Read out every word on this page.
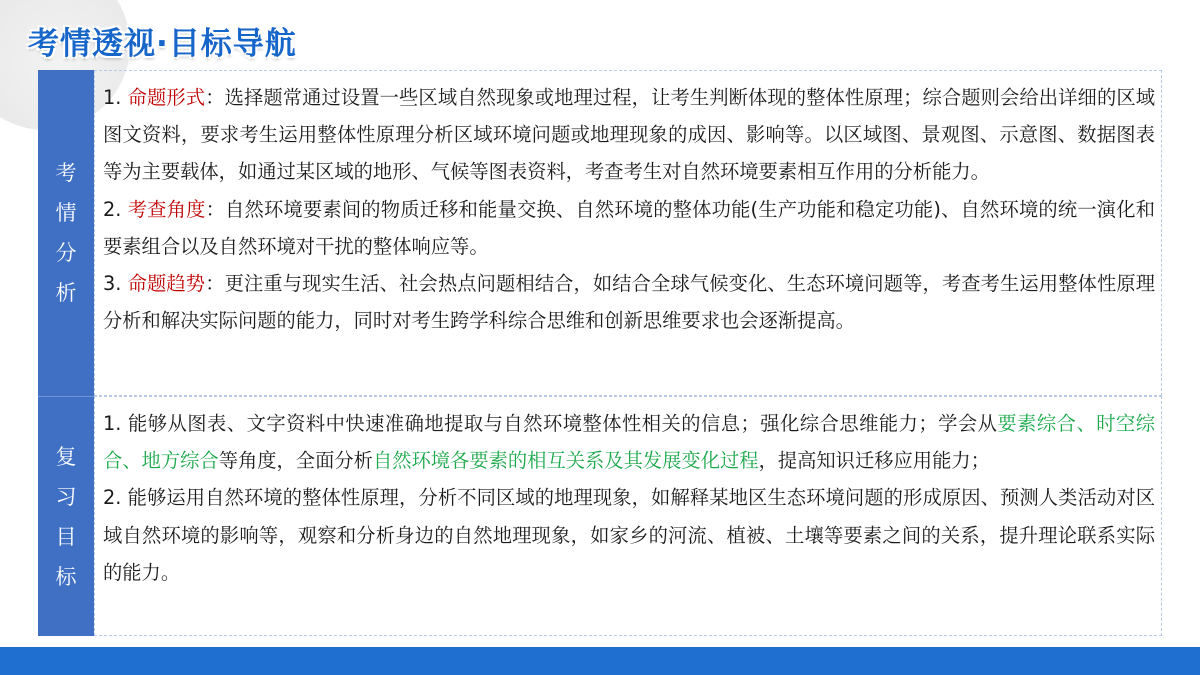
考情透视·目标导航
考
情
分
析

1. 命题形式：选择题常通过设置一些区域自然现象或地理过程，让考生判断体现的整体性原理；综合题则会给出详细的区域图文资料，要求考生运用整体性原理分析区域环境问题或地理现象的成因、影响等。以区域图、景观图、示意图、数据图表等为主要载体，如通过某区域的地形、气候等图表资料，考查考生对自然环境要素相互作用的分析能力。

2. 考查角度：自然环境要素间的物质迁移和能量交换、自然环境的整体功能(生产功能和稳定功能)、自然环境的统一演化和要素组合以及自然环境对干扰的整体响应等。

3. 命题趋势：更注重与现实生活、社会热点问题相结合，如结合全球气候变化、生态环境问题等，考查考生运用整体性原理分析和解决实际问题的能力，同时对考生跨学科综合思维和创新思维要求也会逐渐提高。

复
习
目
标

1. 能够从图表、文字资料中快速准确地提取与自然环境整体性相关的信息；强化综合思维能力；学会从要素综合、时空综合、地方综合等角度，全面分析自然环境各要素的相互关系及其发展变化过程，提高知识迁移应用能力；

2. 能够运用自然环境的整体性原理，分析不同区域的地理现象，如解释某地区生态环境问题的形成原因、预测人类活动对区域自然环境的影响等，观察和分析身边的自然地理现象，如家乡的河流、植被、土壤等要素之间的关系，提升理论联系实际的能力。
